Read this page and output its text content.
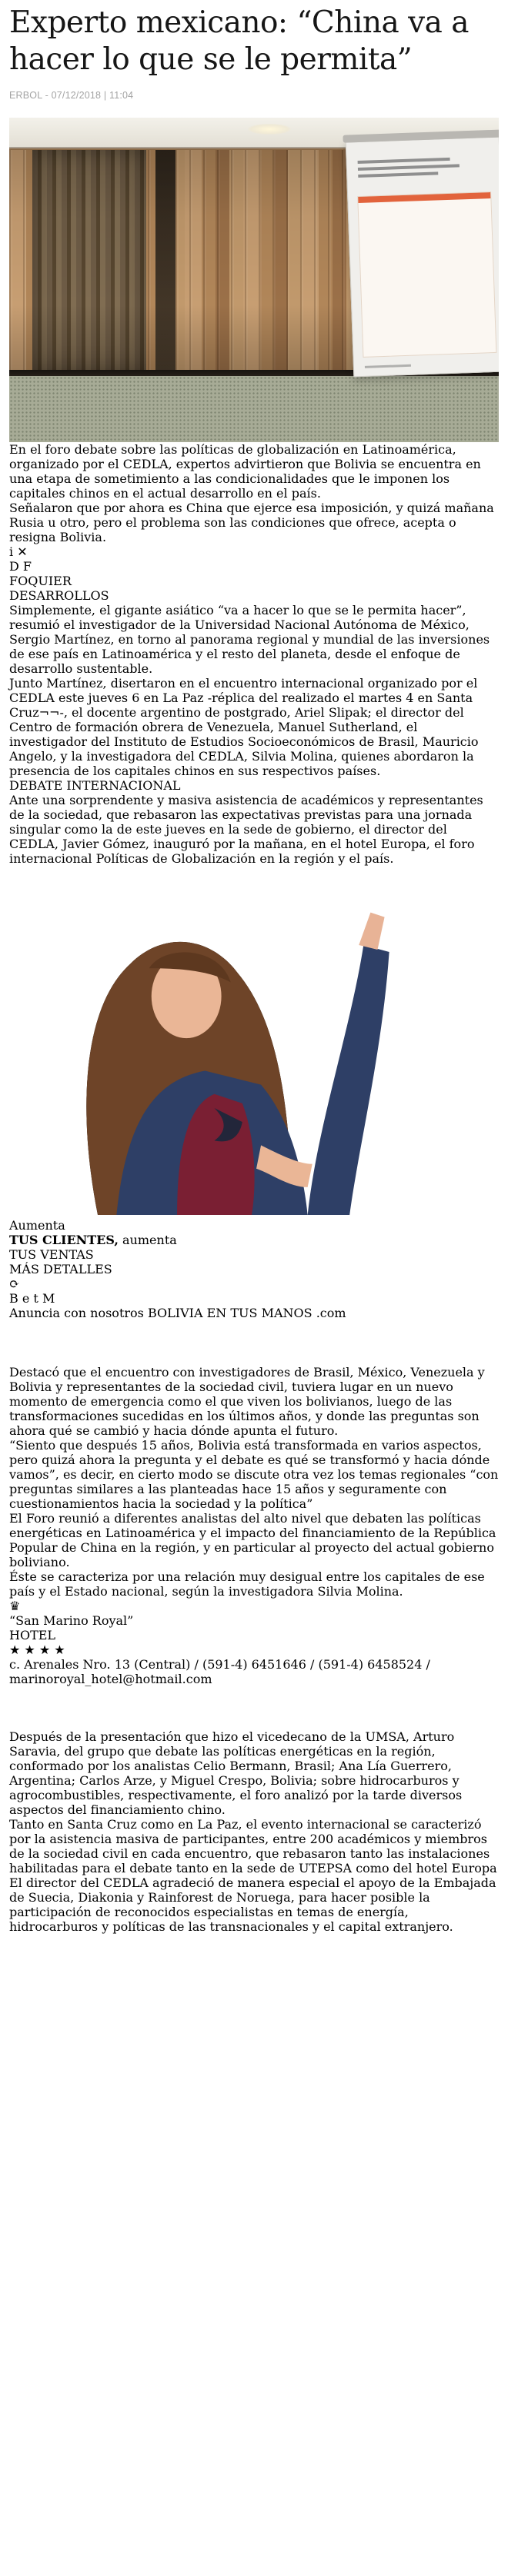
Experto mexicano: “China va a hacer lo que se le permita”
ERBOL - 07/12/2018 | 11:04

En el foro debate sobre las políticas de globalización en Latinoamérica, organizado por el CEDLA, expertos advirtieron que Bolivia se encuentra en una etapa de sometimiento a las condicionalidades que le imponen los capitales chinos en el actual desarrollo en el país.

Señalaron que por ahora es China que ejerce esa imposición, y quizá mañana Rusia u otro, pero el problema son las condiciones que ofrece, acepta o resigna Bolivia.

i ✕
D F
FOQUIER
DESARROLLOS

Simplemente, el gigante asiático “va a hacer lo que se le permita hacer”, resumió el investigador de la Universidad Nacional Autónoma de México, Sergio Martínez, en torno al panorama regional y mundial de las inversiones de ese país en Latinoamérica y el resto del planeta, desde el enfoque de desarrollo sustentable.

Junto Martínez, disertaron en el encuentro internacional organizado por el CEDLA este jueves 6 en La Paz -réplica del realizado el martes 4 en Santa Cruz¬¬-, el docente argentino de postgrado, Ariel Slipak; el director del Centro de formación obrera de Venezuela, Manuel Sutherland, el investigador del Instituto de Estudios Socioeconómicos de Brasil, Mauricio Angelo, y la investigadora del CEDLA, Silvia Molina, quienes abordaron la presencia de los capitales chinos en sus respectivos países.

DEBATE INTERNACIONAL

Ante una sorprendente y masiva asistencia de académicos y representantes de la sociedad, que rebasaron las expectativas previstas para una jornada singular como la de este jueves en la sede de gobierno, el director del CEDLA, Javier Gómez, inauguró por la mañana, en el hotel Europa, el foro internacional Políticas de Globalización en la región y el país.

Aumenta
TUS CLIENTES, aumenta
TUS VENTAS
MÁS DETALLES
⟳
B e t M
Anuncia con nosotros BOLIVIA EN TUS MANOS .com

Destacó que el encuentro con investigadores de Brasil, México, Venezuela y Bolivia y representantes de la sociedad civil, tuviera lugar en un nuevo momento de emergencia como el que viven los bolivianos, luego de las transformaciones sucedidas en los últimos años, y donde las preguntas son ahora qué se cambió y hacia dónde apunta el futuro.

“Siento que después 15 años, Bolivia está transformada en varios aspectos, pero quizá ahora la pregunta y el debate es qué se transformó y hacia dónde vamos”, es decir, en cierto modo se discute otra vez los temas regionales “con preguntas similares a las planteadas hace 15 años y seguramente con cuestionamientos hacia la sociedad y la política”

El Foro reunió a diferentes analistas del alto nivel que debaten las políticas energéticas en Latinoamérica y el impacto del financiamiento de la República Popular de China en la región, y en particular al proyecto del actual gobierno boliviano.

Éste se caracteriza por una relación muy desigual entre los capitales de ese país y el Estado nacional, según la investigadora Silvia Molina.

♛
“San Marino Royal”
HOTEL
★ ★ ★ ★
c. Arenales Nro. 13 (Central) / (591-4) 6451646 / (591-4) 6458524 / marinoroyal_hotel@hotmail.com

Después de la presentación que hizo el vicedecano de la UMSA, Arturo Saravia, del grupo que debate las políticas energéticas en la región, conformado por los analistas Celio Bermann, Brasil; Ana Lía Guerrero, Argentina; Carlos Arze, y Miguel Crespo, Bolivia; sobre hidrocarburos y agrocombustibles, respectivamente, el foro analizó por la tarde diversos aspectos del financiamiento chino.

Tanto en Santa Cruz como en La Paz, el evento internacional se caracterizó por la asistencia masiva de participantes, entre 200 académicos y miembros de la sociedad civil en cada encuentro, que rebasaron tanto las instalaciones habilitadas para el debate tanto en la sede de UTEPSA como del hotel Europa

El director del CEDLA agradeció de manera especial el apoyo de la Embajada de Suecia, Diakonia y Rainforest de Noruega, para hacer posible la participación de reconocidos especialistas en temas de energía, hidrocarburos y políticas de las transnacionales y el capital extranjero.
